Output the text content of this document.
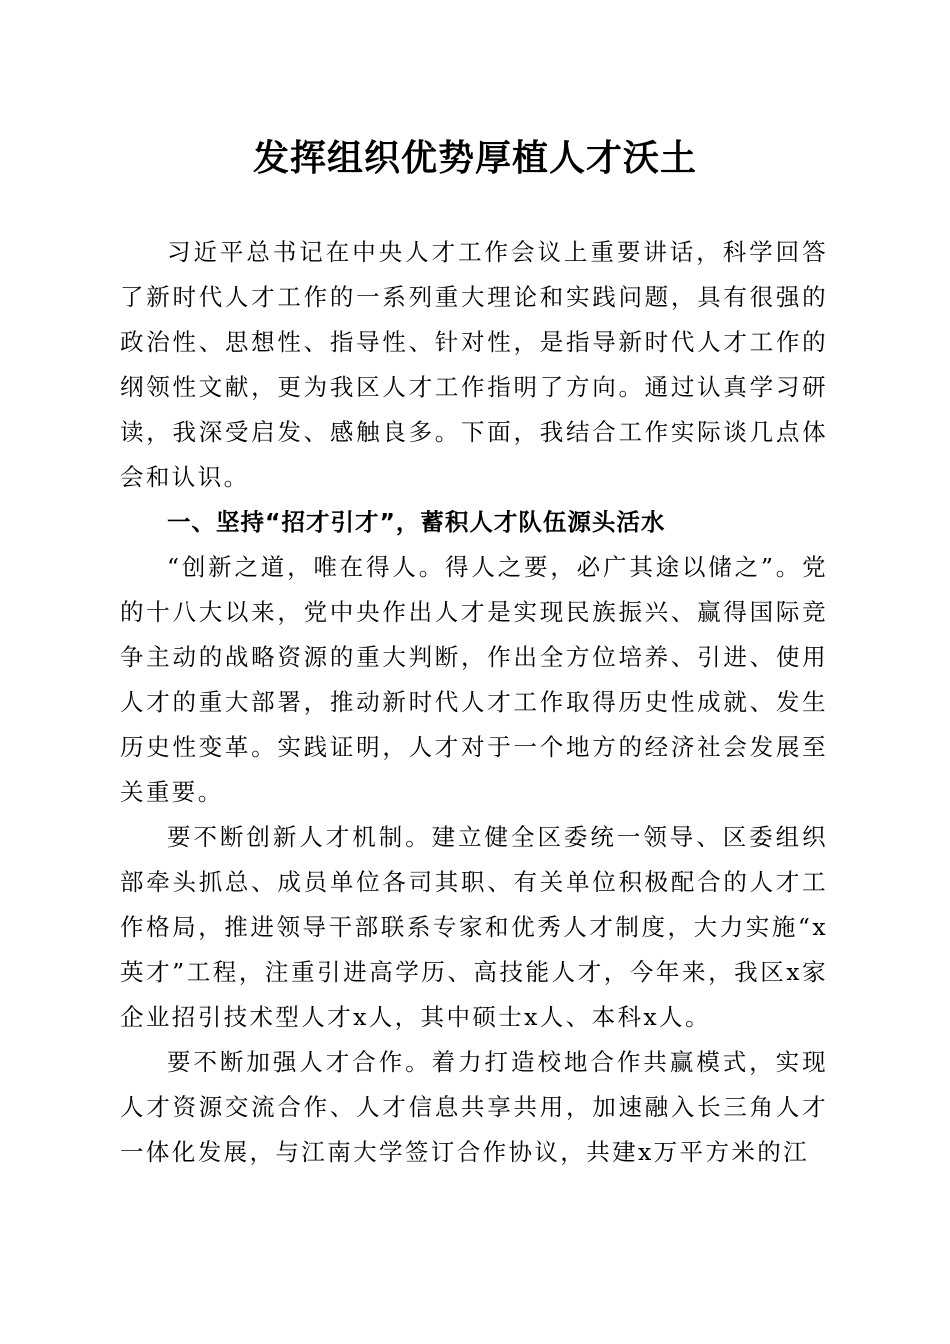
发挥组织优势厚植人才沃土

习近平总书记在中央人才工作会议上重要讲话，科学回答了新时代人才工作的一系列重大理论和实践问题，具有很强的政治性、思想性、指导性、针对性，是指导新时代人才工作的纲领性文献，更为我区人才工作指明了方向。通过认真学习研读，我深受启发、感触良多。下面，我结合工作实际谈几点体会和认识。

一、坚持“招才引才”，蓄积人才队伍源头活水

“创新之道，唯在得人。得人之要，必广其途以储之”。党的十八大以来，党中央作出人才是实现民族振兴、赢得国际竞争主动的战略资源的重大判断，作出全方位培养、引进、使用人才的重大部署，推动新时代人才工作取得历史性成就、发生历史性变革。实践证明，人才对于一个地方的经济社会发展至关重要。

要不断创新人才机制。建立健全区委统一领导、区委组织部牵头抓总、成员单位各司其职、有关单位积极配合的人才工作格局，推进领导干部联系专家和优秀人才制度，大力实施“x英才”工程，注重引进高学历、高技能人才，今年来，我区x家企业招引技术型人才x人，其中硕士x人、本科x人。

要不断加强人才合作。着力打造校地合作共赢模式，实现人才资源交流合作、人才信息共享共用，加速融入长三角人才一体化发展，与江南大学签订合作协议，共建x万平方米的江
